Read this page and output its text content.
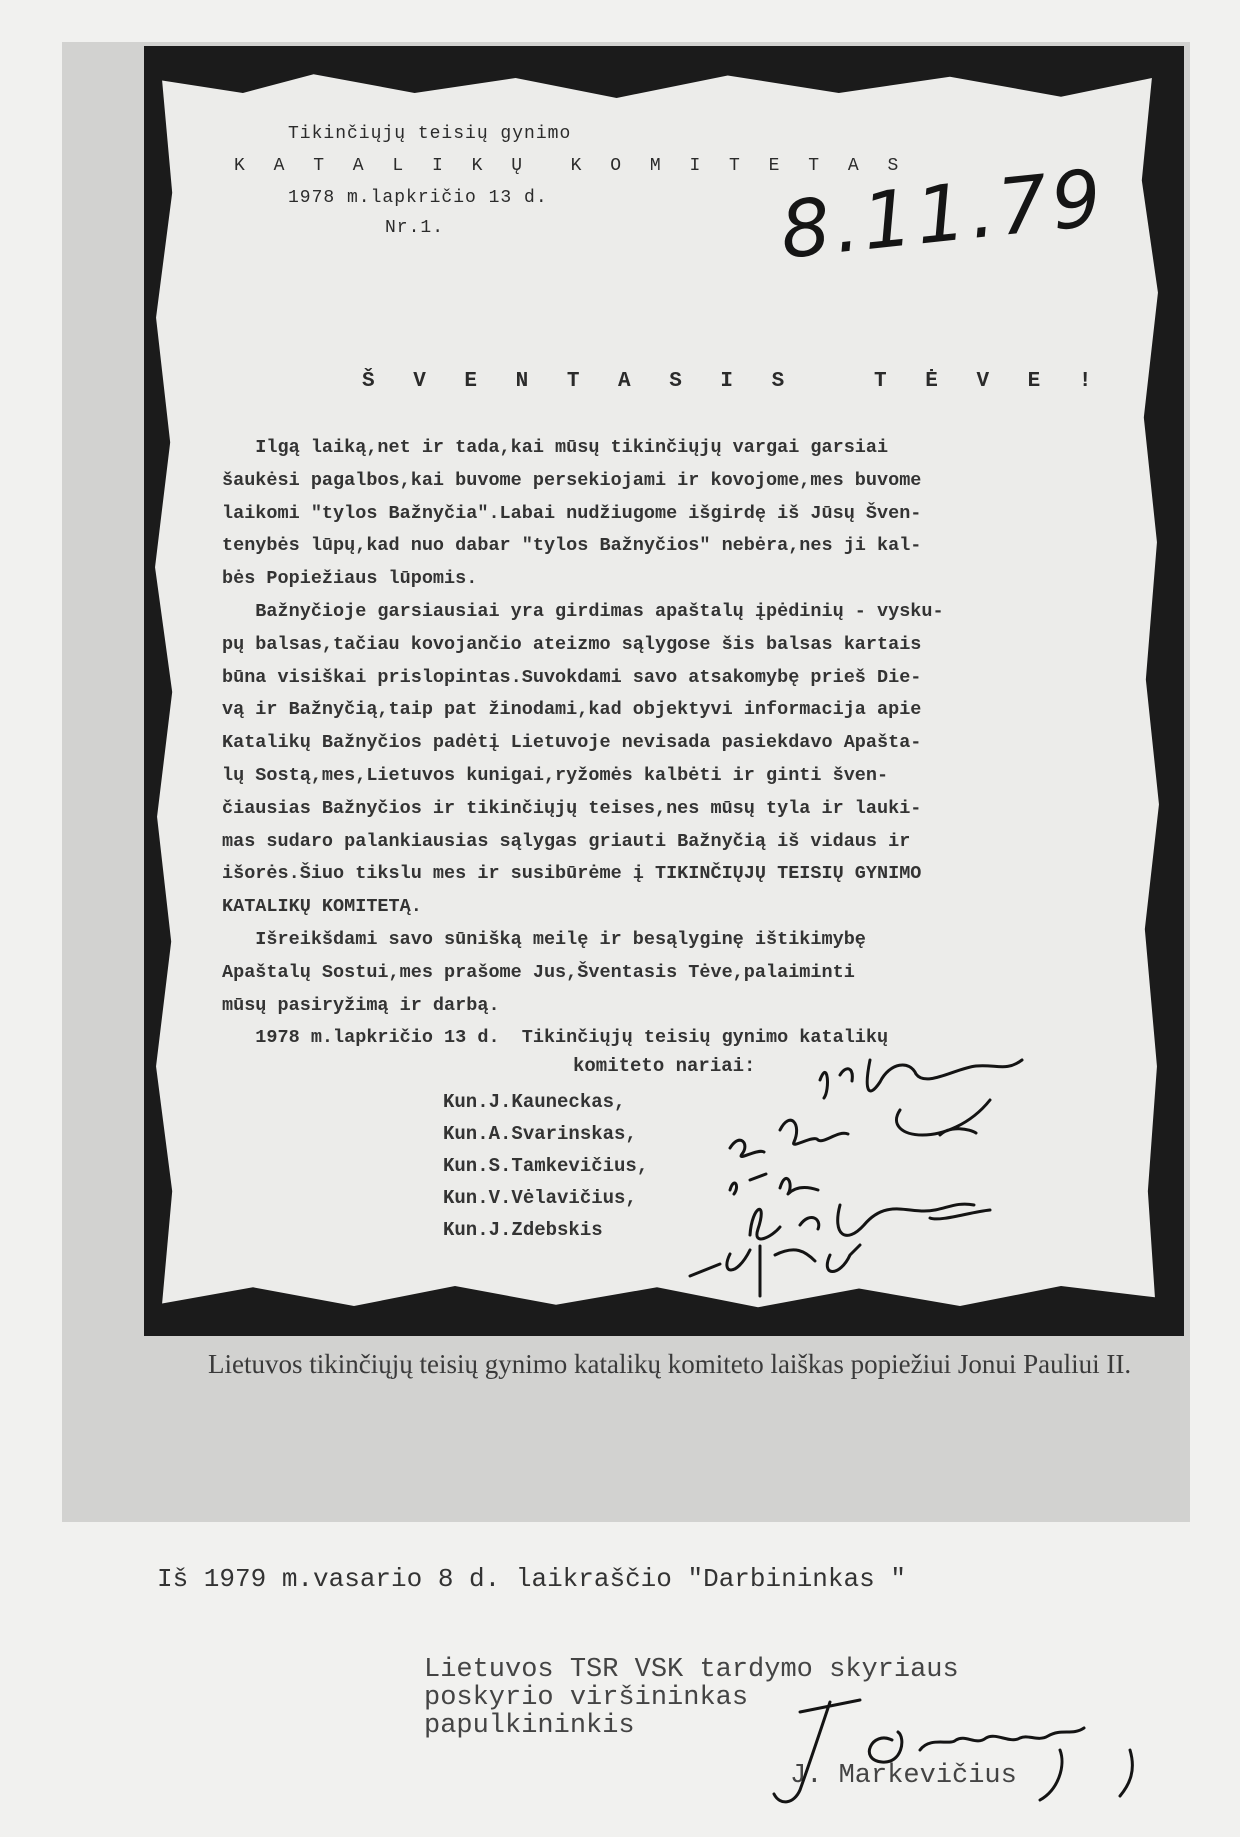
Tikinčiųjų teisių gynimo
K A T A L I K Ų  K O M I T E T A S
1978 m.lapkričio 13 d.
Nr.1.	8.11.79
Š V E N T A S I S   T Ė V E !
Ilgą laiką,net ir tada,kai mūsų tikinčiųjų vargai garsiai
šaukėsi pagalbos,kai buvome persekiojami ir kovojome,mes buvome
laikomi "tylos Bažnyčia".Labai nudžiugome išgirdę iš Jūsų Šven-
tenybės lūpų,kad nuo dabar "tylos Bažnyčios" nebėra,nes ji kal-
bės Popiežiaus lūpomis.
Bažnyčioje garsiausiai yra girdimas apaštalų įpėdinių - vysku-
pų balsas,tačiau kovojančio ateizmo sąlygose šis balsas kartais
būna visiškai prislopintas.Suvokdami savo atsakomybę prieš Die-
vą ir Bažnyčią,taip pat žinodami,kad objektyvi informacija apie
Katalikų Bažnyčios padėtį Lietuvoje nevisada pasiekdavo Apašta-
lų Sostą,mes,Lietuvos kunigai,ryžomės kalbėti ir ginti šven-
čiausias Bažnyčios ir tikinčiųjų teises,nes mūsų tyla ir lauki-
mas sudaro palankiausias sąlygas griauti Bažnyčią iš vidaus ir
išorės.Šiuo tikslu mes ir susibūrėme į TIKINČIŲJŲ TEISIŲ GYNIMO
KATALIKŲ KOMITETĄ.
Išreikšdami savo sūnišką meilę ir besąlyginę ištikimybę
Apaštalų Sostui,mes prašome Jus,Šventasis Tėve,palaiminti
mūsų pasiryžimą ir darbą.
1978 m.lapkričio 13 d.  Tikinčiųjų teisių gynimo katalikų
komiteto nariai:
Kun.J.Kauneckas,
Kun.A.Svarinskas,
Kun.S.Tamkevičius,
Kun.V.Vėlavičius,
Kun.J.Zdebskis
Lietuvos tikinčiųjų teisių gynimo katalikų komiteto laiškas popiežiui Jonui Pauliui II.
Iš 1979 m.vasario 8 d. laikraščio "Darbininkas "
Lietuvos TSR VSK tardymo skyriaus
poskyrio viršininkas
papulkininkis
J. Markevičius
